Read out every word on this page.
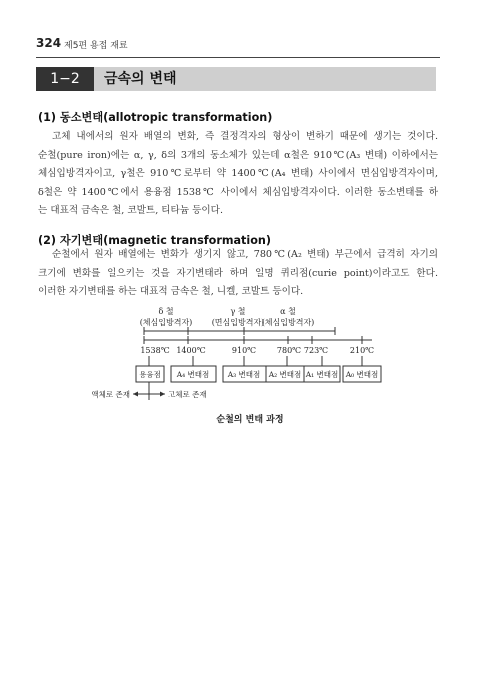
324 제5편 용접 재료
1−2	금속의 변태
(1) 동소변태(allotropic transformation)
고체 내에서의 원자 배열의 변화, 즉 결정격자의 형상이 변하기 때문에 생기는 것이다.
순철(pure iron)에는 α, γ, δ의 3개의 동소체가 있는데 α철은 910℃(A₃ 변태) 이하에서는
체심입방격자이고, γ철은 910℃로부터 약 1400℃(A₄ 변태) 사이에서 면심입방격자이며,
δ철은 약 1400℃에서 용융점 1538℃ 사이에서 체심입방격자이다. 이러한 동소변태를 하
는 대표적 금속은 철, 코발트, 티타늄 등이다.
(2) 자기변태(magnetic transformation)
순철에서 원자 배열에는 변화가 생기지 않고, 780℃(A₂ 변태) 부근에서 급격히 자기의
크기에 변화를 일으키는 것을 자기변태라 하며 일명 퀴리점(curie point)이라고도 한다.
이러한 자기변태를 하는 대표적 금속은 철, 니켈, 코발트 등이다.
δ 철
(체심입방격자)
γ 철
(면심입방격자)
α 철
(체심입방격자)
1538℃ 1400℃	910℃	780℃ 723℃	210℃
용융점 A₄ 변태점 A₃ 변태점 A₂ 변태점 A₁ 변태점 A₀ 변태점
액체로 존재	고체로 존재
순철의 변태 과정
